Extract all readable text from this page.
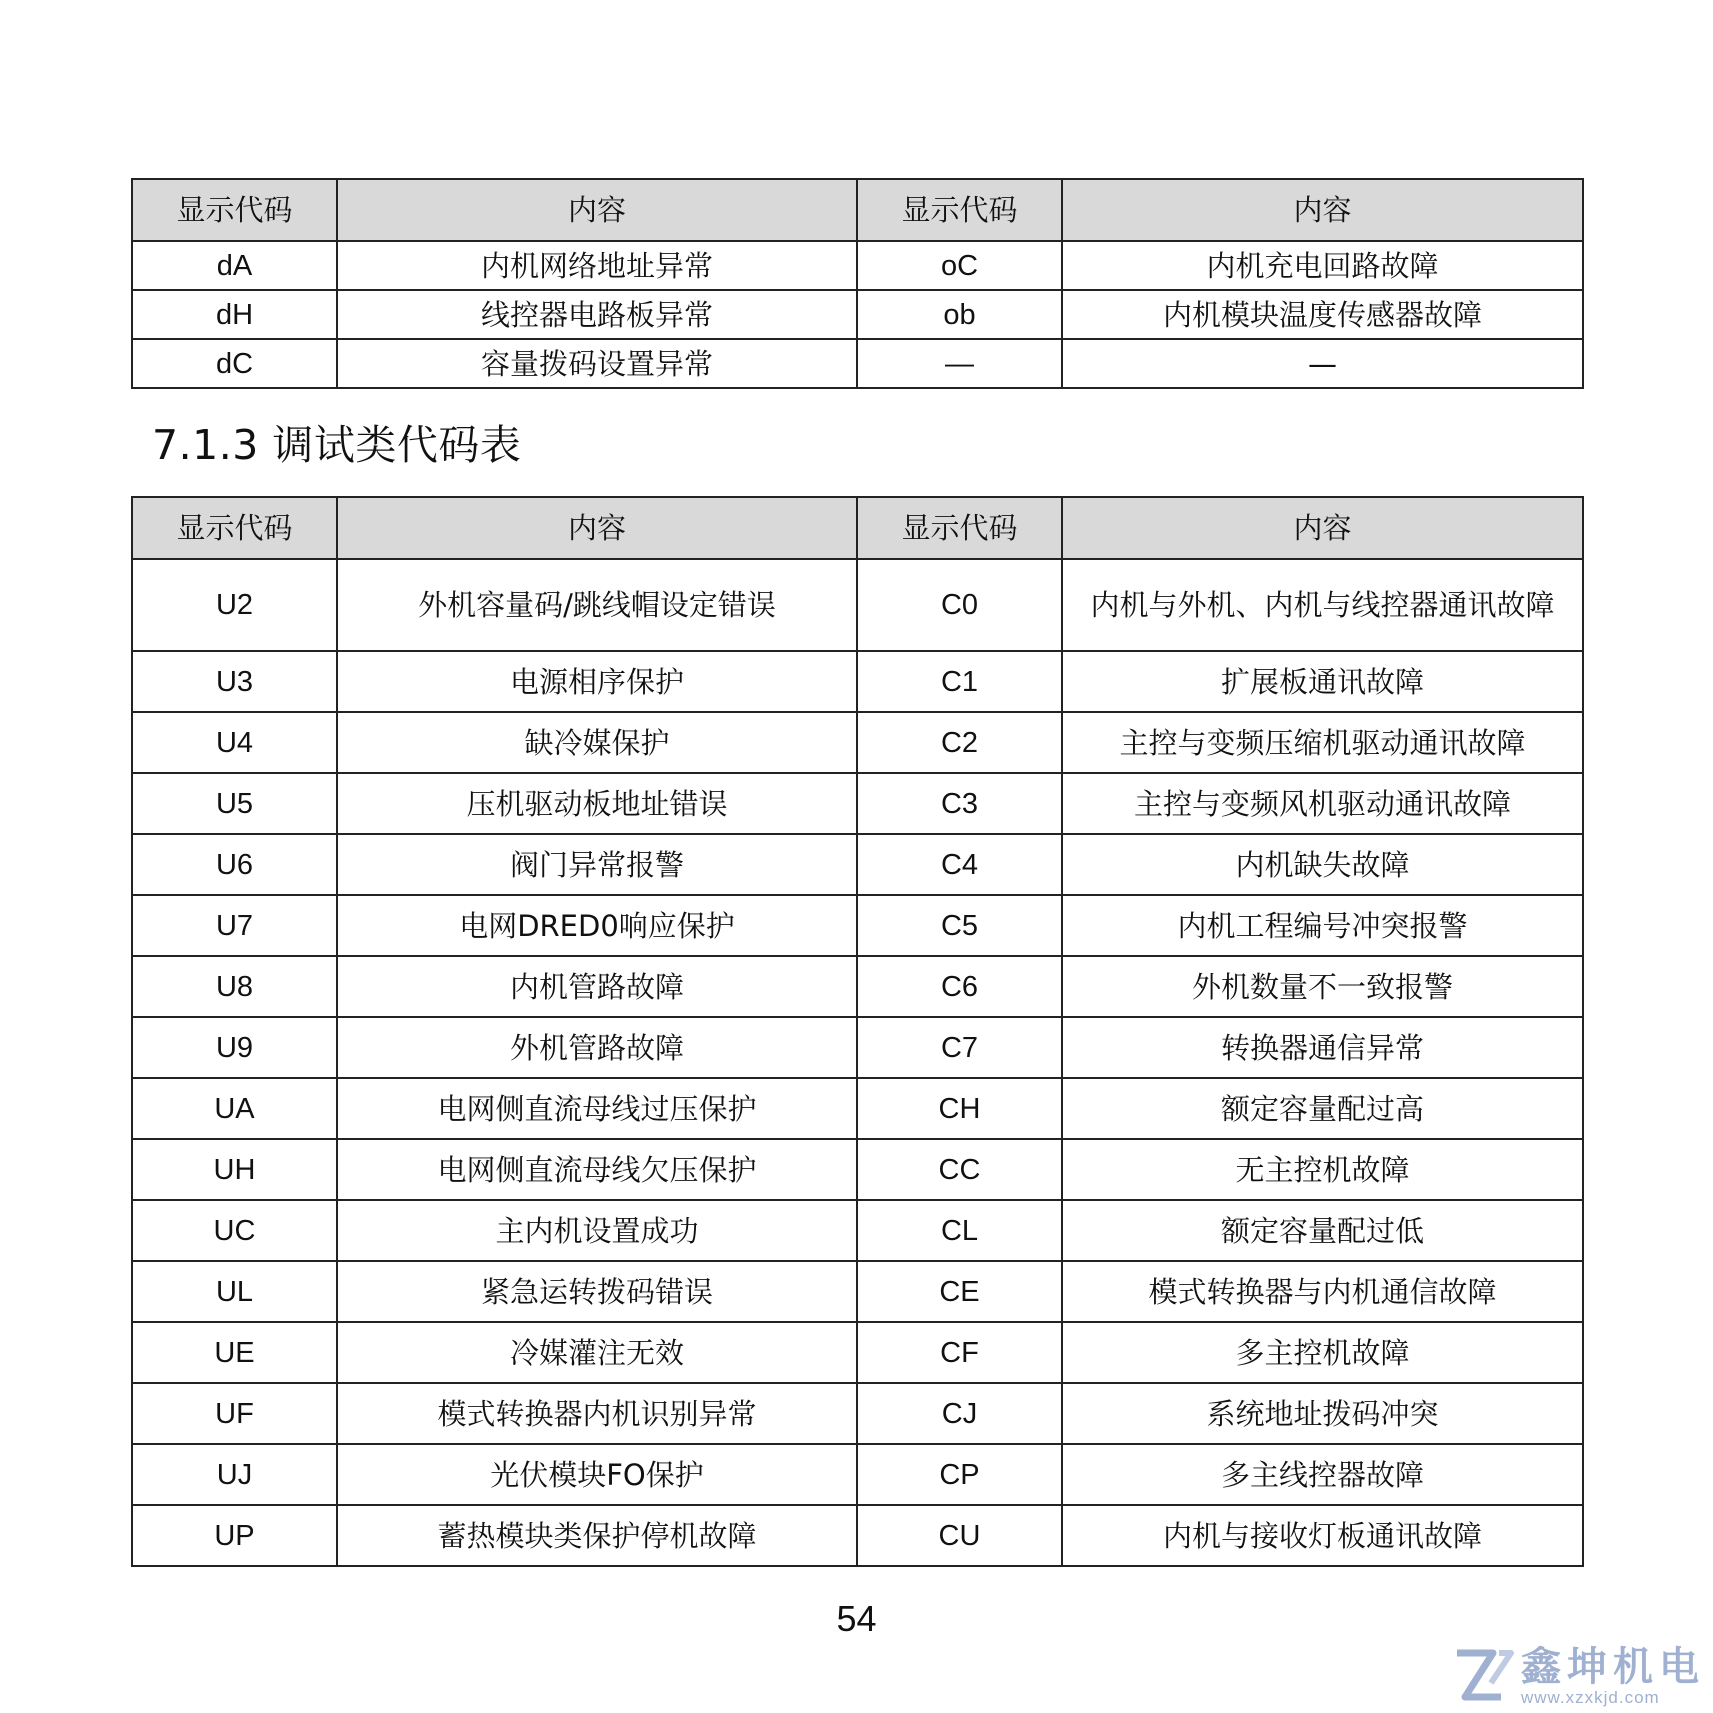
显示代码	内容	显示代码	内容
dA	内机网络地址异常	oC	内机充电回路故障
dH	线控器电路板异常	ob	内机模块温度传感器故障
dC	容量拨码设置异常	—	—
7.1.3 调试类代码表
显示代码	内容	显示代码	内容
U2	外机容量码/跳线帽设定错误	C0	内机与外机、内机与线控器通讯故障
U3	电源相序保护	C1	扩展板通讯故障
U4	缺冷媒保护	C2	主控与变频压缩机驱动通讯故障
U5	压机驱动板地址错误	C3	主控与变频风机驱动通讯故障
U6	阀门异常报警	C4	内机缺失故障
U7	电网DRED0响应保护	C5	内机工程编号冲突报警
U8	内机管路故障	C6	外机数量不一致报警
U9	外机管路故障	C7	转换器通信异常
UA	电网侧直流母线过压保护	CH	额定容量配过高
UH	电网侧直流母线欠压保护	CC	无主控机故障
UC	主内机设置成功	CL	额定容量配过低
UL	紧急运转拨码错误	CE	模式转换器与内机通信故障
UE	冷媒灌注无效	CF	多主控机故障
UF	模式转换器内机识别异常	CJ	系统地址拨码冲突
UJ	光伏模块FO保护	CP	多主线控器故障
UP	蓄热模块类保护停机故障	CU	内机与接收灯板通讯故障
54
鑫坤机电
www.xzxkjd.com
